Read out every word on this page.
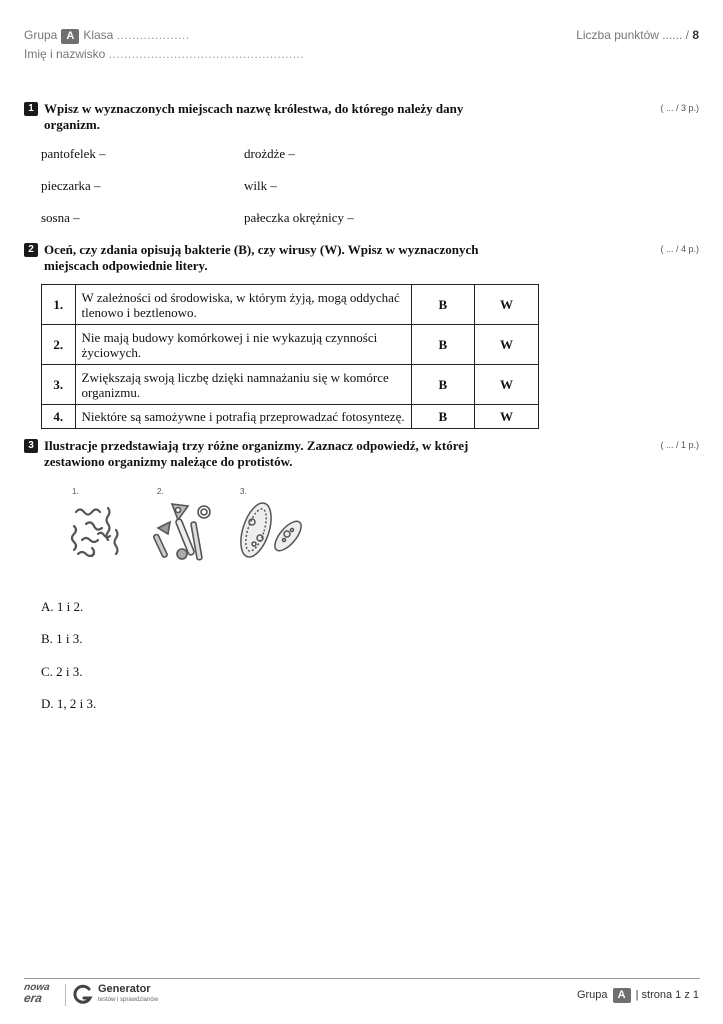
Grupa A Klasa ...................
Imię i nazwisko ...................................................
Liczba punktów ...... / 8
1 Wpisz w wyznaczonych miejscach nazwę królestwa, do którego należy dany organizm.
( ... / 3 p.)
pantofelek –	drożdże –
pieczarka –	wilk –
sosna –	pałeczka okrężnicy –
2 Oceń, czy zdania opisują bakterie (B), czy wirusy (W). Wpisz w wyznaczonych miejscach odpowiednie litery.
( ... / 4 p.)
1.	W zależności od środowiska, w którym żyją, mogą oddychać tlenowo i beztlenowo.	B	W
2.	Nie mają budowy komórkowej i nie wykazują czynności życiowych.	B	W
3.	Zwiększają swoją liczbę dzięki namnażaniu się w komórce organizmu.	B	W
4.	Niektóre są samożywne i potrafią przeprowadzać fotosyntezę.	B	W
3 Ilustracje przedstawiają trzy różne organizmy. Zaznacz odpowiedź, w której zestawiono organizmy należące do protistów.
( ... / 1 p.)
1.	2.	3.
A. 1 i 2.
B. 1 i 3.
C. 2 i 3.
D. 1, 2 i 3.
nowa
era
Generator
testów i sprawdzianów	Grupa A | strona 1 z 1
